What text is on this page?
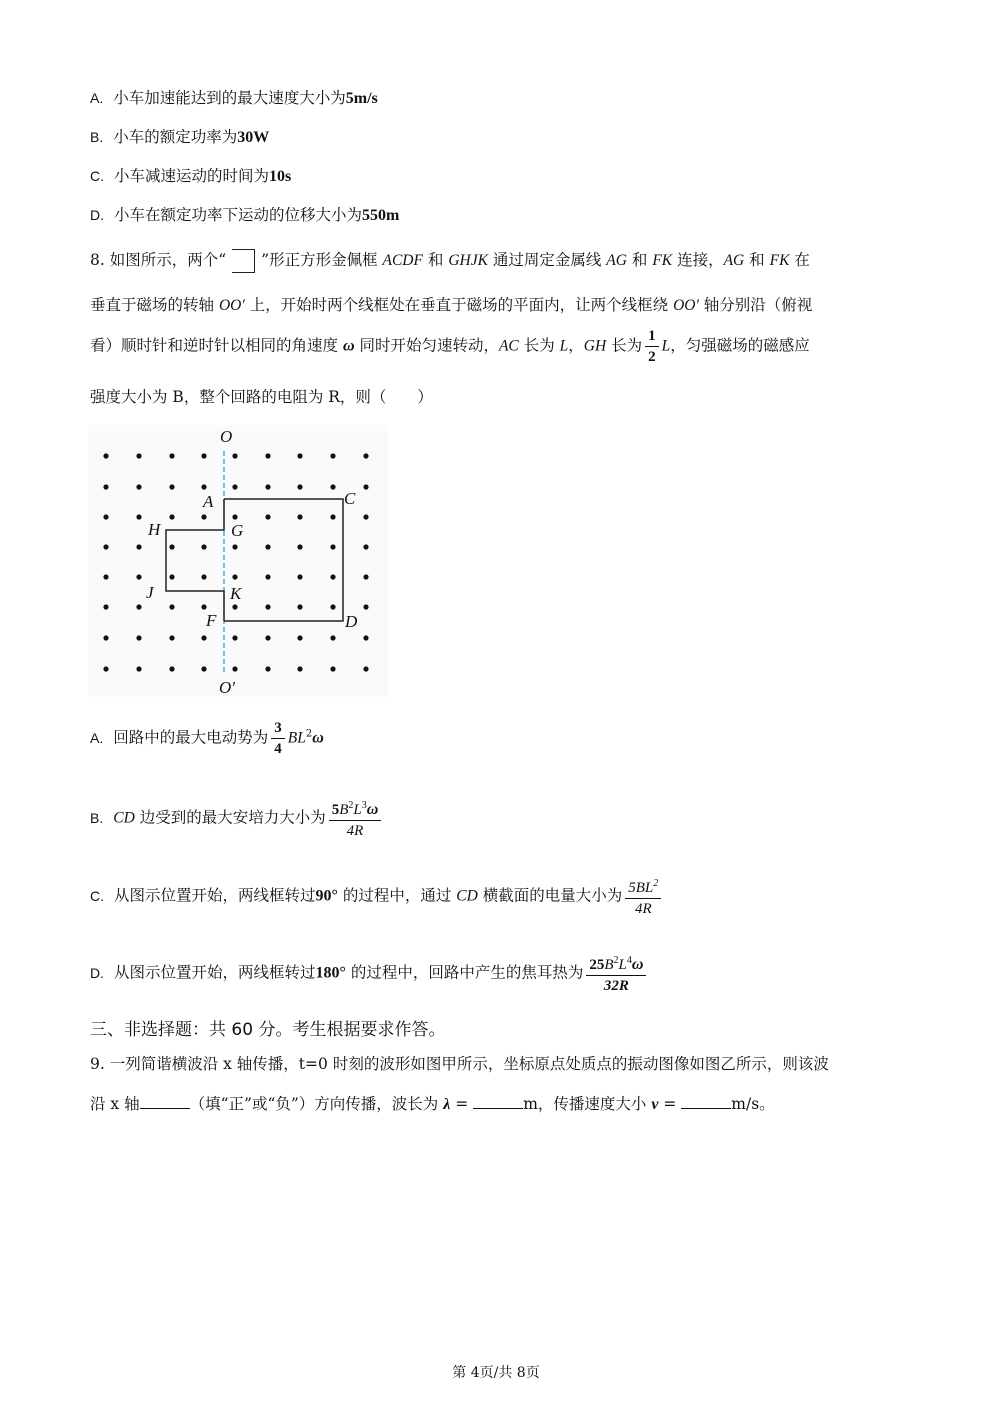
A. 小车加速能达到的最大速度大小为5m/s
B. 小车的额定功率为30W
C. 小车减速运动的时间为10s
D. 小车在额定功率下运动的位移大小为550m
8. 如图所示，两个“ ”形正方形金佩框 ACDF 和 GHJK 通过周定金属线 AG 和 FK 连接，AG 和 FK 在
垂直于磁场的转轴 OO′ 上，开始时两个线框处在垂直于磁场的平面内，让两个线框绕 OO′ 轴分别沿（俯视
看）顺时针和逆时针以相同的角速度 ω 同时开始匀速转动，AC 长为 L，GH 长为 $\frac{1}{2}$ L，匀强磁场的磁感应
强度大小为 B，整个回路的电阻为 R，则（　　）
O
O′
A	C
H	G
J	K
F	D
A. 回路中的最大电动势为 $\frac{3}{4} BL^2\omega$
B. CD 边受到的最大安培力大小为 $\frac{5B^2L^3\omega}{4R}$
C. 从图示位置开始，两线框转过90° 的过程中，通过 CD 横截面的电量大小为 $\frac{5BL^2}{4R}$
D. 从图示位置开始，两线框转过180° 的过程中，回路中产生的焦耳热为 $\frac{25B^2L^4\omega}{32R}$
三、非选择题：共 60 分。考生根据要求作答。
9. 一列简谐横波沿 x 轴传播，t=0 时刻的波形如图甲所示，坐标原点处质点的振动图像如图乙所示，则该波
沿 x 轴	（填“正”或“负”）方向传播，波长为 λ =	m，传播速度大小 v =	m/s。
第 4页/共 8页
